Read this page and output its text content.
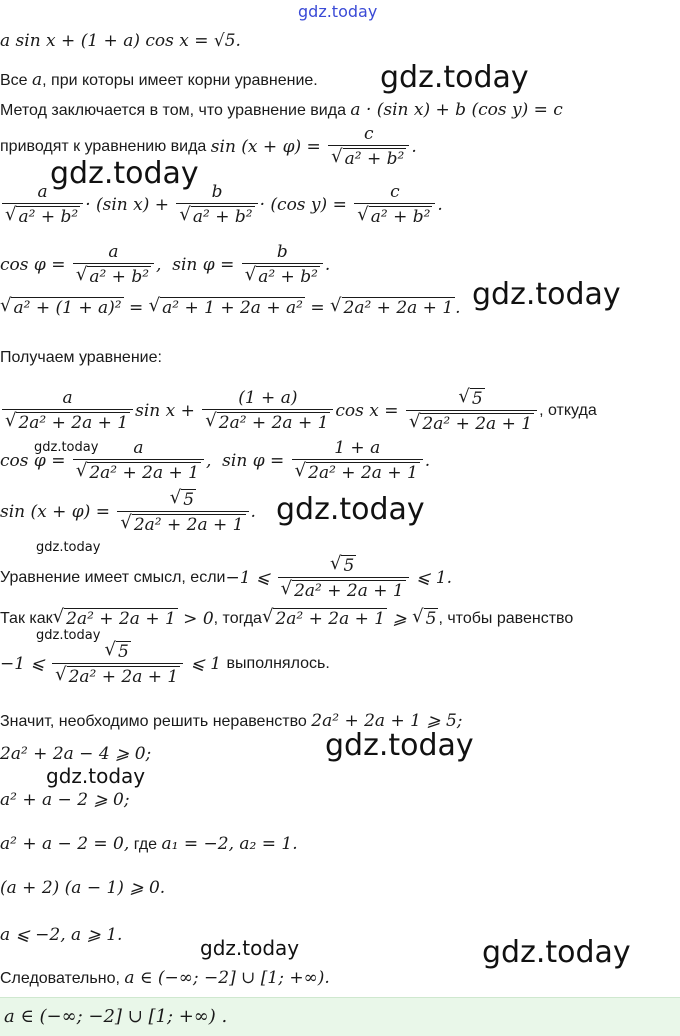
gdz.today
gdz.today
gdz.today
gdz.today
gdz.today
gdz.today
gdz.today
gdz.today
gdz.today
gdz.today
gdz.today	gdz.today
a sin x + (1 + a) cos x = √5.
Все a, при которы имеет корни уравнение.
Метод заключается в том, что уравнение вида a · (sin x) + b (cos y) = c
приводят к уравнению вида $\sin (x + \varphi) = \frac{c}{\text{√ a² + b²}}$ .
$\frac{a}{\text{√ a² + b²}} \cdot (\sin$ $x) + \frac{b}{\text{√ a² + b²}} \cdot (\cos$ $y) = \frac{c}{\text{√ a² + b²}}$ .
$\cos \varphi = \frac{a}{\text{√ a² + b²}}$ ,  $\sin \varphi = \frac{b}{\text{√ a² + b²}}$ .
√ a² + (1 + a)² = √ a² + 1 + 2a + a² = √ 2a² + 2a + 1 .
Получаем уравнение:
$\frac{a}{\text{√ 2a² + 2a + 1}}$ $\sin x + \frac{(1 + a)}{\text{√ 2a² + 2a + 1}}$ $\cos x = \frac{√ 5}{\text{√ 2a² + 2a + 1}}$ , откуда
$\cos \varphi = \frac{a}{\text{√ 2a² + 2a + 1}}$ ,  $\sin \varphi = \frac{1 + a}{\text{√ 2a² + 2a + 1}}$ .
$\sin (x + \varphi) = \frac{√ 5}{\text{√ 2a² + 2a + 1}}$ .
Уравнение имеет смысл, если −1 ⩽ $\frac{√ 5}{\text{√ 2a² + 2a + 1}}$ ⩽ 1.
Так как √ 2a² + 2a + 1 > 0 , тогда √ 2a² + 2a + 1 ⩾ √ 5 , чтобы равенство
−1 ⩽ $\frac{√ 5}{\text{√ 2a² + 2a + 1}}$ ⩽ 1 выполнялось.
Значит, необходимо решить неравенство 2a² + 2a + 1 ⩾ 5;
2a² + 2a − 4 ⩾ 0;
a² + a − 2 ⩾ 0;
a² + a − 2 = 0, где a₁ = −2, a₂ = 1.
(a + 2) (a − 1) ⩾ 0.
a ⩽ −2, a ⩾ 1.
Следовательно, a ∈ (−∞; −2] ∪ [1; +∞).
a ∈ (−∞; −2] ∪ [1; +∞) .
